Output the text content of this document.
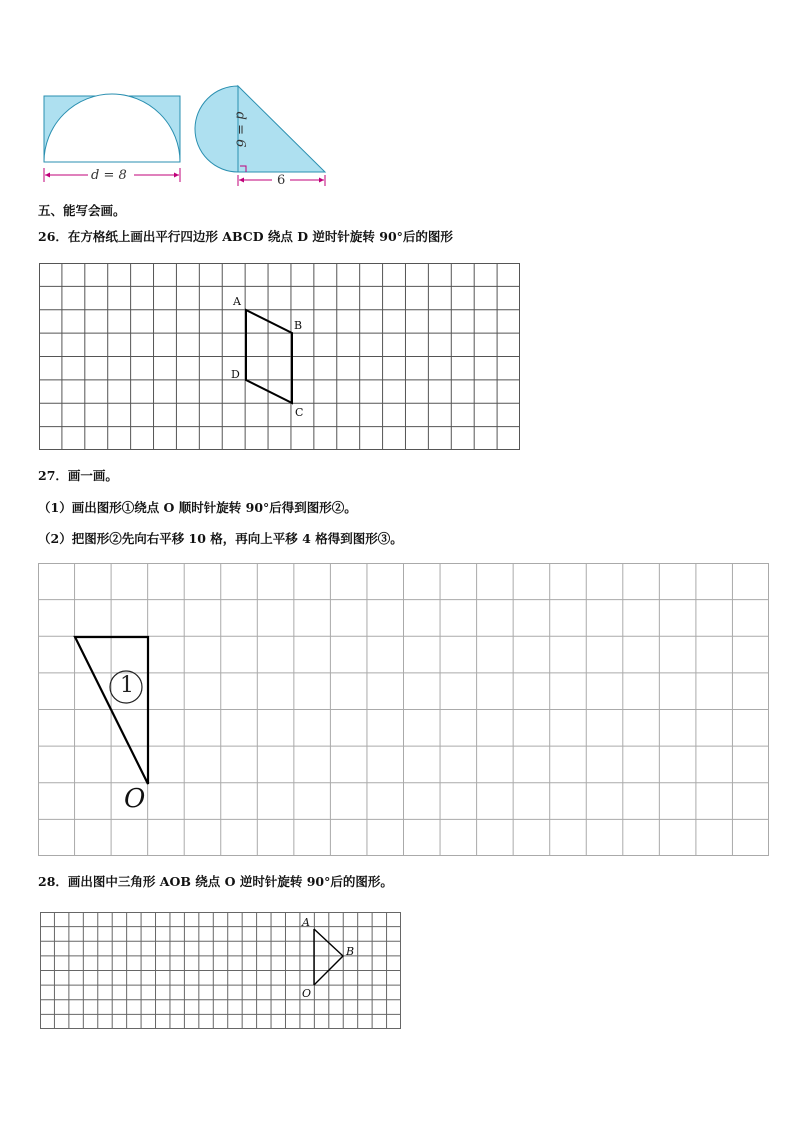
d = 8
d = 6
6
五、能写会画。
26．在方格纸上画出平行四边形 ABCD 绕点 D 逆时针旋转 90°后的图形
A
B
C
D
27．画一画。
（1）画出图形①绕点 O 顺时针旋转 90°后得到图形②。
（2）把图形②先向右平移 10 格，再向上平移 4 格得到图形③。
1
O
28．画出图中三角形 AOB 绕点 O 逆时针旋转 90°后的图形。
A
B
O
